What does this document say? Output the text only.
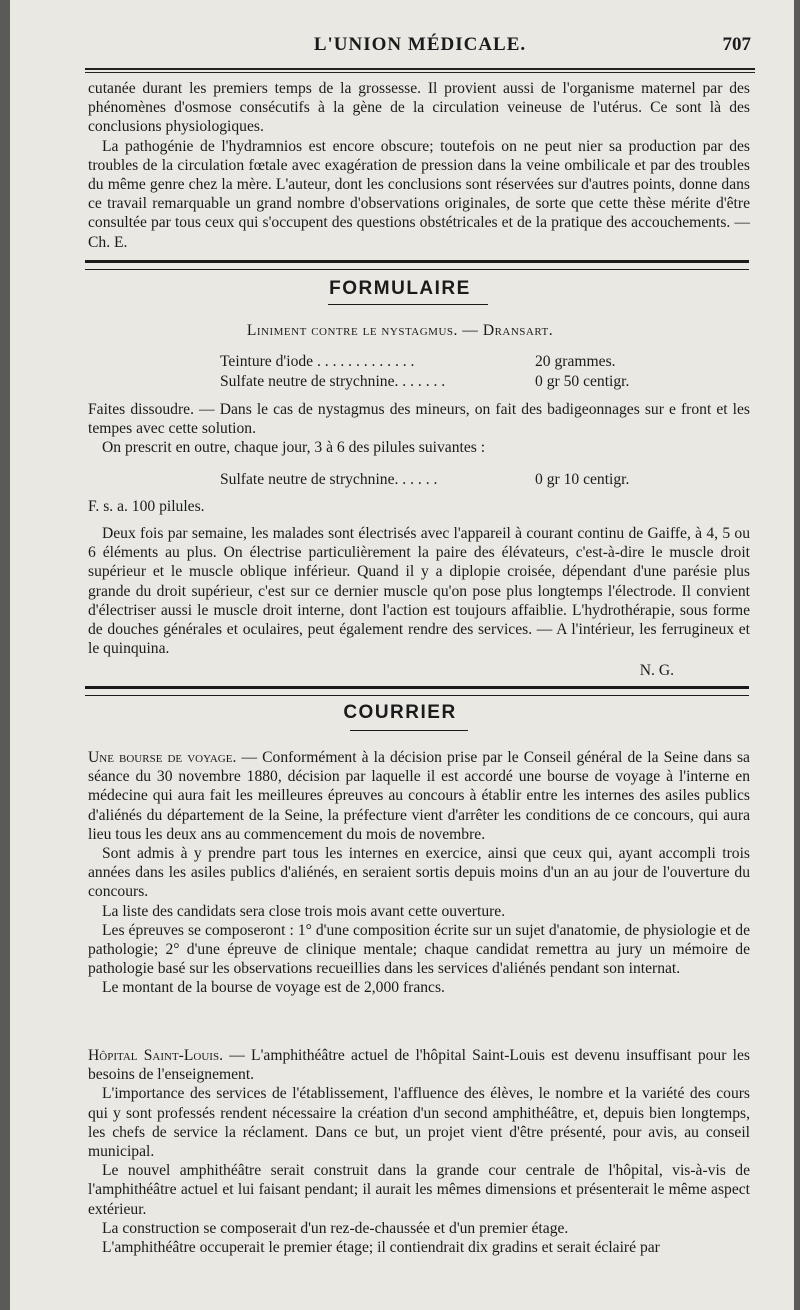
L'UNION MÉDICALE.	707

cutanée durant les premiers temps de la grossesse. Il provient aussi de l'organisme maternel par des phénomènes d'osmose consécutifs à la gène de la circulation veineuse de l'utérus. Ce sont là des conclusions physiologiques.

La pathogénie de l'hydramnios est encore obscure; toutefois on ne peut nier sa production par des troubles de la circulation fœtale avec exagération de pression dans la veine ombilicale et par des troubles du même genre chez la mère. L'auteur, dont les conclusions sont réservées sur d'autres points, donne dans ce travail remarquable un grand nombre d'observations originales, de sorte que cette thèse mérite d'être consultée par tous ceux qui s'occupent des questions obstétricales et de la pratique des accouchements. — Ch. E.

FORMULAIRE
Liniment contre le nystagmus. — Dransart.
Teinture d'iode . . . . . . . . . . . . .	20 grammes.
Sulfate neutre de strychnine. . . . . . .	0 gr 50 centigr.

Faites dissoudre. — Dans le cas de nystagmus des mineurs, on fait des badigeonnages sur e front et les tempes avec cette solution.

On prescrit en outre, chaque jour, 3 à 6 des pilules suivantes :

Sulfate neutre de strychnine. . . . . .	0 gr 10 centigr.

F. s. a. 100 pilules.

Deux fois par semaine, les malades sont électrisés avec l'appareil à courant continu de Gaiffe, à 4, 5 ou 6 éléments au plus. On électrise particulièrement la paire des élévateurs, c'est-à-dire le muscle droit supérieur et le muscle oblique inférieur. Quand il y a diplopie croisée, dépendant d'une parésie plus grande du droit supérieur, c'est sur ce dernier muscle qu'on pose plus longtemps l'électrode. Il convient d'électriser aussi le muscle droit interne, dont l'action est toujours affaiblie. L'hydrothérapie, sous forme de douches générales et oculaires, peut également rendre des services. — A l'intérieur, les ferrugineux et le quinquina.

N. G.
COURRIER

Une bourse de voyage. — Conformément à la décision prise par le Conseil général de la Seine dans sa séance du 30 novembre 1880, décision par laquelle il est accordé une bourse de voyage à l'interne en médecine qui aura fait les meilleures épreuves au concours à établir entre les internes des asiles publics d'aliénés du département de la Seine, la préfecture vient d'arrêter les conditions de ce concours, qui aura lieu tous les deux ans au commencement du mois de novembre.

Sont admis à y prendre part tous les internes en exercice, ainsi que ceux qui, ayant accompli trois années dans les asiles publics d'aliénés, en seraient sortis depuis moins d'un an au jour de l'ouverture du concours.

La liste des candidats sera close trois mois avant cette ouverture.

Les épreuves se composeront : 1° d'une composition écrite sur un sujet d'anatomie, de physiologie et de pathologie; 2° d'une épreuve de clinique mentale; chaque candidat remettra au jury un mémoire de pathologie basé sur les observations recueillies dans les services d'aliénés pendant son internat.

Le montant de la bourse de voyage est de 2,000 francs.

Hôpital Saint-Louis. — L'amphithéâtre actuel de l'hôpital Saint-Louis est devenu insuffisant pour les besoins de l'enseignement.

L'importance des services de l'établissement, l'affluence des élèves, le nombre et la variété des cours qui y sont professés rendent nécessaire la création d'un second amphithéâtre, et, depuis bien longtemps, les chefs de service la réclament. Dans ce but, un projet vient d'être présenté, pour avis, au conseil municipal.

Le nouvel amphithéâtre serait construit dans la grande cour centrale de l'hôpital, vis-à-vis de l'amphithéâtre actuel et lui faisant pendant; il aurait les mêmes dimensions et présenterait le même aspect extérieur.

La construction se composerait d'un rez-de-chaussée et d'un premier étage.

L'amphithéâtre occuperait le premier étage; il contiendrait dix gradins et serait éclairé par
